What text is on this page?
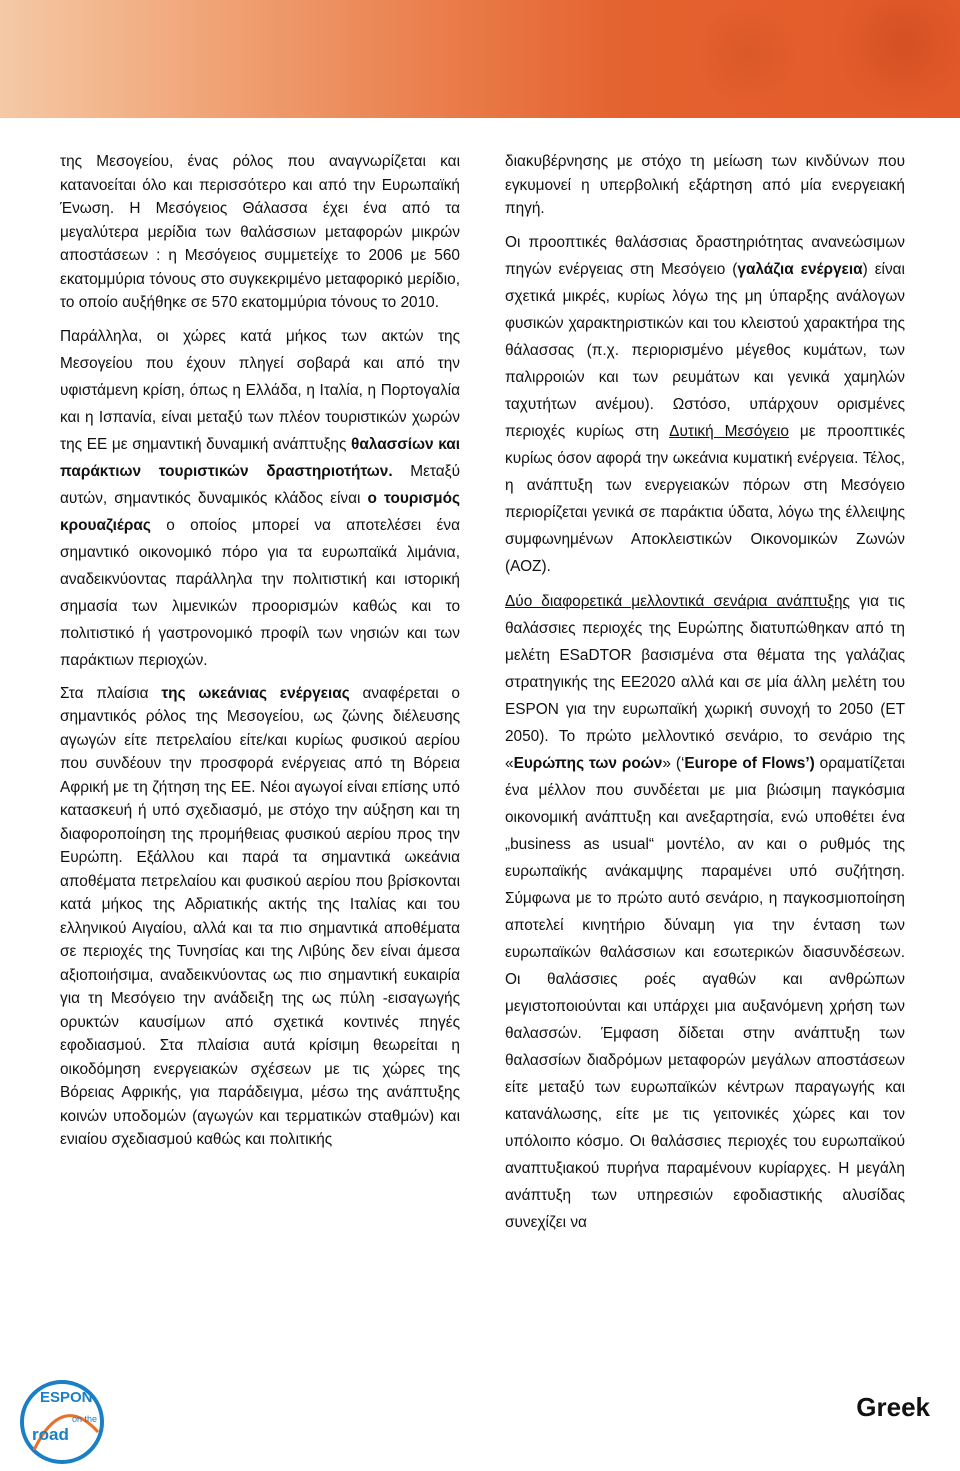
της Μεσογείου, ένας ρόλος που αναγνωρίζεται και κατανοείται όλο και περισσότερο και από την Ευρωπαϊκή Ένωση. Η Μεσόγειος Θάλασσα έχει ένα από τα μεγαλύτερα μερίδια των θαλάσσιων μεταφορών μικρών αποστάσεων : η Μεσόγειος συμμετείχε το 2006 με 560 εκατομμύρια τόνους στο συγκεκριμένο μεταφορικό μερίδιο, το οποίο αυξήθηκε σε 570 εκατομμύρια τόνους το 2010.

Παράλληλα, οι χώρες κατά μήκος των ακτών της Μεσογείου που έχουν πληγεί σοβαρά και από την υφιστάμενη κρίση, όπως η Ελλάδα, η Ιταλία, η Πορτογαλία και η Ισπανία, είναι μεταξύ των πλέον τουριστικών χωρών της ΕΕ με σημαντική δυναμική ανάπτυξης θαλασσίων και παράκτιων τουριστικών δραστηριοτήτων. Μεταξύ αυτών, σημαντικός δυναμικός κλάδος είναι ο τουρισμός κρουαζιέρας ο οποίος μπορεί να αποτελέσει ένα σημαντικό οικονομικό πόρο για τα ευρωπαϊκά λιμάνια, αναδεικνύοντας παράλληλα την πολιτιστική και ιστορική σημασία των λιμενικών προορισμών καθώς και το πολιτιστικό ή γαστρονομικό προφίλ των νησιών και των παράκτιων περιοχών.

Στα πλαίσια της ωκεάνιας ενέργειας αναφέρεται ο σημαντικός ρόλος της Μεσογείου, ως ζώνης διέλευσης αγωγών είτε πετρελαίου είτε/και κυρίως φυσικού αερίου που συνδέουν την προσφορά ενέργειας από τη Βόρεια Αφρική με τη ζήτηση της ΕΕ. Νέοι αγωγοί είναι επίσης υπό κατασκευή ή υπό σχεδιασμό, με στόχο την αύξηση και τη διαφοροποίηση της προμήθειας φυσικού αερίου προς την Ευρώπη. Εξάλλου και παρά τα σημαντικά ωκεάνια αποθέματα πετρελαίου και φυσικού αερίου που βρίσκονται κατά μήκος της Αδριατικής ακτής της Ιταλίας και του ελληνικού Αιγαίου, αλλά και τα πιο σημαντικά αποθέματα σε περιοχές της Τυνησίας και της Λιβύης δεν είναι άμεσα αξιοποιήσιμα, αναδεικνύοντας ως πιο σημαντική ευκαιρία για τη Μεσόγειο την ανάδειξη της ως πύλη -εισαγωγής ορυκτών καυσίμων από σχετικά κοντινές πηγές εφοδιασμού. Στα πλαίσια αυτά κρίσιμη θεωρείται η οικοδόμηση ενεργειακών σχέσεων με τις χώρες της Βόρειας Αφρικής, για παράδειγμα, μέσω της ανάπτυξης κοινών υποδομών (αγωγών και τερματικών σταθμών) και ενιαίου σχεδιασμού καθώς και πολιτικής

διακυβέρνησης με στόχο τη μείωση των κινδύνων που εγκυμονεί η υπερβολική εξάρτηση από μία ενεργειακή πηγή.

Οι προοπτικές θαλάσσιας δραστηριότητας ανανεώσιμων πηγών ενέργειας στη Μεσόγειο (γαλάζια ενέργεια) είναι σχετικά μικρές, κυρίως λόγω της μη ύπαρξης ανάλογων φυσικών χαρακτηριστικών και του κλειστού χαρακτήρα της θάλασσας (π.χ. περιορισμένο μέγεθος κυμάτων, των παλιρροιών και των ρευμάτων και γενικά χαμηλών ταχυτήτων ανέμου). Ωστόσο, υπάρχουν ορισμένες περιοχές κυρίως στη Δυτική Μεσόγειο με προοπτικές κυρίως όσον αφορά την ωκεάνια κυματική ενέργεια. Τέλος, η ανάπτυξη των ενεργειακών πόρων στη Μεσόγειο περιορίζεται γενικά σε παράκτια ύδατα, λόγω της έλλειψης συμφωνημένων Αποκλειστικών Οικονομικών Ζωνών (ΑΟΖ).

Δύο διαφορετικά μελλοντικά σενάρια ανάπτυξης για τις θαλάσσιες περιοχές της Ευρώπης διατυπώθηκαν από τη μελέτη ESaDTOR βασισμένα στα θέματα της γαλάζιας στρατηγικής της ΕΕ2020 αλλά και σε μία άλλη μελέτη του ESPON για την ευρωπαϊκή χωρική συνοχή το 2050 (ET 2050). Το πρώτο μελλοντικό σενάριο, το σενάριο της «Ευρώπης των ροών» (‘Europe of Flows’) οραματίζεται ένα μέλλον που συνδέεται με μια βιώσιμη παγκόσμια οικονομική ανάπτυξη και ανεξαρτησία, ενώ υποθέτει ένα „business as usual“ μοντέλο, αν και ο ρυθμός της ευρωπαϊκής ανάκαμψης παραμένει υπό συζήτηση. Σύμφωνα με το πρώτο αυτό σενάριο, η παγκοσμιοποίηση αποτελεί κινητήριο δύναμη για την ένταση των ευρωπαϊκών θαλάσσιων και εσωτερικών διασυνδέσεων. Οι θαλάσσιες ροές αγαθών και ανθρώπων μεγιστοποιούνται και υπάρχει μια αυξανόμενη χρήση των θαλασσών. Έμφαση δίδεται στην ανάπτυξη των θαλασσίων διαδρόμων μεταφορών μεγάλων αποστάσεων είτε μεταξύ των ευρωπαϊκών κέντρων παραγωγής και κατανάλωσης, είτε με τις γειτονικές χώρες και τον υπόλοιπο κόσμο. Οι θαλάσσιες περιοχές του ευρωπαϊκού αναπτυξιακού πυρήνα παραμένουν κυρίαρχες. Η μεγάλη ανάπτυξη των υπηρεσιών εφοδιαστικής αλυσίδας συνεχίζει να

ESPON
on the
road
Greek
